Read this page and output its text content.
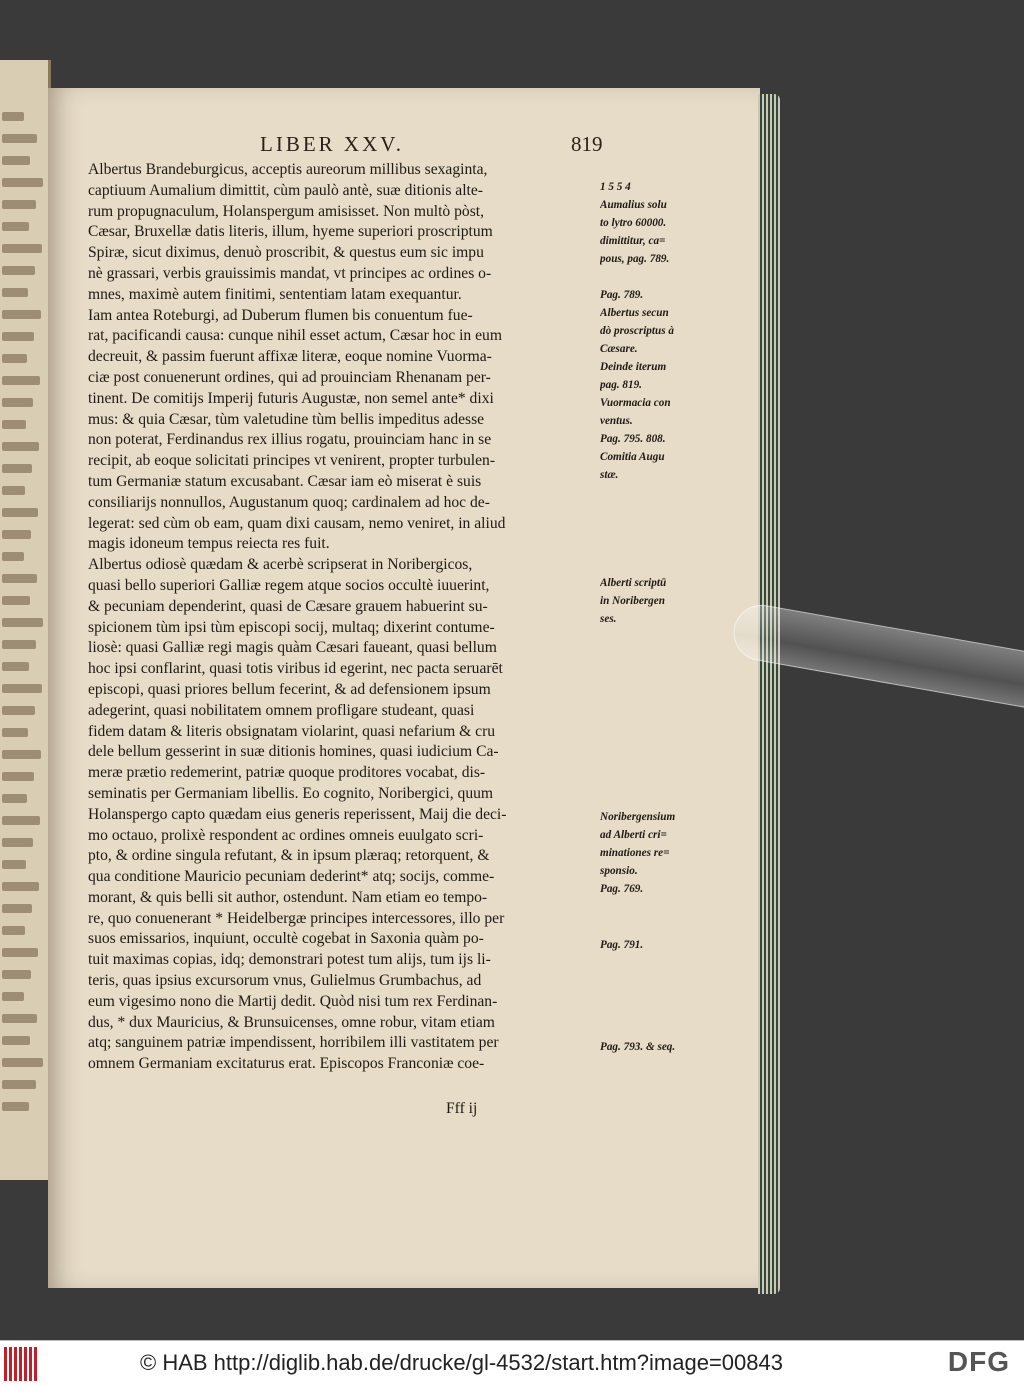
LIBER XXV.	819
Albertus Brandeburgicus, acceptis aureorum millibus sexaginta,
captiuum Aumalium dimittit, cùm paulò antè, suæ ditionis alte-
rum propugnaculum, Holanspergum amisisset. Non multò pòst,
Cæsar, Bruxellæ datis literis, illum, hyeme superiori proscriptum
Spiræ, sicut diximus, denuò proscribit, & questus eum sic impu
nè grassari, verbis grauissimis mandat, vt principes ac ordines o-
mnes, maximè autem finitimi, sententiam latam exequantur.
Iam antea Roteburgi, ad Duberum flumen bis conuentum fue-
rat, pacificandi causa: cunque nihil esset actum, Cæsar hoc in eum
decreuit, & passim fuerunt affixæ literæ, eoque nomine Vuorma-
ciæ post conuenerunt ordines, qui ad prouinciam Rhenanam per-
tinent. De comitijs Imperij futuris Augustæ, non semel ante* dixi
mus: & quia Cæsar, tùm valetudine tùm bellis impeditus adesse
non poterat, Ferdinandus rex illius rogatu, prouinciam hanc in se
recipit, ab eoque solicitati principes vt venirent, propter turbulen-
tum Germaniæ statum excusabant. Cæsar iam eò miserat è suis
consiliarijs nonnullos, Augustanum quoq; cardinalem ad hoc de-
legerat: sed cùm ob eam, quam dixi causam, nemo veniret, in aliud
magis idoneum tempus reiecta res fuit.
Albertus odiosè quædam & acerbè scripserat in Noribergicos,
quasi bello superiori Galliæ regem atque socios occultè iuuerint,
& pecuniam dependerint, quasi de Cæsare grauem habuerint su-
spicionem tùm ipsi tùm episcopi socij, multaq; dixerint contume-
liosè: quasi Galliæ regi magis quàm Cæsari faueant, quasi bellum
hoc ipsi conflarint, quasi totis viribus id egerint, nec pacta seruarēt
episcopi, quasi priores bellum fecerint, & ad defensionem ipsum
adegerint, quasi nobilitatem omnem profligare studeant, quasi
fidem datam & literis obsignatam violarint, quasi nefarium & cru
dele bellum gesserint in suæ ditionis homines, quasi iudicium Ca-
meræ prætio redemerint, patriæ quoque proditores vocabat, dis-
seminatis per Germaniam libellis. Eo cognito, Noribergici, quum
Holanspergo capto quædam eius generis reperissent, Maij die deci-
mo octauo, prolixè respondent ac ordines omneis euulgato scri-
pto, & ordine singula refutant, & in ipsum plæraq; retorquent, &
qua conditione Mauricio pecuniam dederint* atq; socijs, comme-
morant, & quis belli sit author, ostendunt. Nam etiam eo tempo-
re, quo conuenerant * Heidelbergæ principes intercessores, illo per
suos emissarios, inquiunt, occultè cogebat in Saxonia quàm po-
tuit maximas copias, idq; demonstrari potest tum alijs, tum ijs li-
teris, quas ipsius excursorum vnus, Gulielmus Grumbachus, ad
eum vigesimo nono die Martij dedit. Quòd nisi tum rex Ferdinan-
dus, * dux Mauricius, & Brunsuicenses, omne robur, vitam etiam
atq; sanguinem patriæ impendissent, horribilem illi vastitatem per
omnem Germaniam excitaturus erat. Episcopos Franconiæ coe-
1 5 5 4
Aumalius solu
to lytro 60000.
dimittitur, ca=
pous, pag. 789.
Pag. 789.
Albertus secun
dò proscriptus à
Cæsare.
Deinde iterum
pag. 819.
Vuormacia con
ventus.
Pag. 795. 808.
Comitia Augu
stæ.
Alberti scriptū
in Noribergen
ses.
Noribergensium
ad Alberti cri=
minationes re=
sponsio.
Pag. 769.
Pag. 791.
Pag. 793. & seq.
Fff ij
© HAB http://diglib.hab.de/drucke/gl-4532/start.htm?image=00843	DFG
